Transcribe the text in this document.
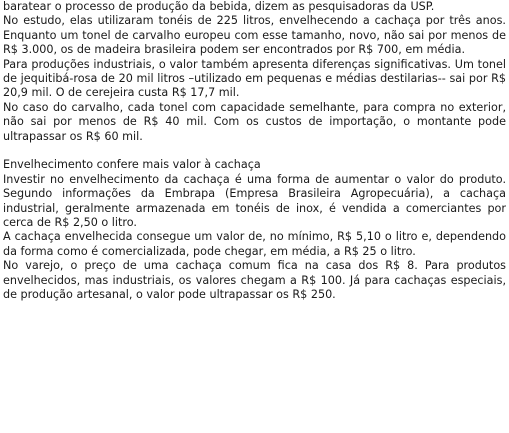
baratear o processo de produção da bebida, dizem as pesquisadoras da USP.

No estudo, elas utilizaram tonéis de 225 litros, envelhecendo a cachaça por três anos. Enquanto um tonel de carvalho europeu com esse tamanho, novo, não sai por menos de R$ 3.000, os de madeira brasileira podem ser encontrados por R$ 700, em média.

Para produções industriais, o valor também apresenta diferenças significativas. Um tonel de jequitibá-rosa de 20 mil litros –utilizado em pequenas e médias destilarias-- sai por R$ 20,9 mil. O de cerejeira custa R$ 17,7 mil.

No caso do carvalho, cada tonel com capacidade semelhante, para compra no exterior, não sai por menos de R$ 40 mil. Com os custos de importação, o montante pode ultrapassar os R$ 60 mil.

Envelhecimento confere mais valor à cachaça

Investir no envelhecimento da cachaça é uma forma de aumentar o valor do produto. Segundo informações da Embrapa (Empresa Brasileira Agropecuária), a cachaça industrial, geralmente armazenada em tonéis de inox, é vendida a comerciantes por cerca de R$ 2,50 o litro.

A cachaça envelhecida consegue um valor de, no mínimo, R$ 5,10 o litro e, dependendo da forma como é comercializada, pode chegar, em média, a R$ 25 o litro.

No varejo, o preço de uma cachaça comum fica na casa dos R$ 8. Para produtos envelhecidos, mas industriais, os valores chegam a R$ 100. Já para cachaças especiais, de produção artesanal, o valor pode ultrapassar os R$ 250.
